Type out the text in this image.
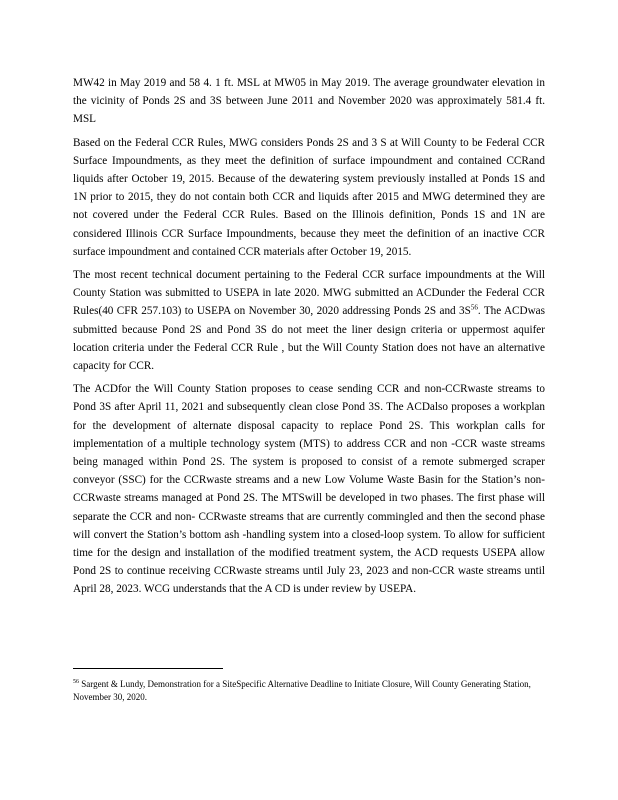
MW42 in May 2019 and 58 4. 1 ft. MSL at MW05 in May 2019. The average groundwater elevation in the vicinity of Ponds 2S and 3S between June 2011 and November 2020 was approximately 581.4 ft. MSL

Based on the Federal CCR Rules, MWG considers Ponds 2S and 3 S at Will County to be Federal CCR Surface Impoundments, as they meet the definition of surface impoundment and contained CCRand liquids after October 19, 2015. Because of the dewatering system previously installed at Ponds 1S and 1N prior to 2015, they do not contain both CCR and liquids after 2015 and MWG determined they are not covered under the Federal CCR Rules. Based on the Illinois definition, Ponds 1S and 1N are considered Illinois CCR Surface Impoundments, because they meet the definition of an inactive CCR surface impoundment and contained CCR materials after October 19, 2015.

The most recent technical document pertaining to the Federal CCR surface impoundments at the Will County Station was submitted to USEPA in late 2020. MWG submitted an ACDunder the Federal CCR Rules(40 CFR 257.103) to USEPA on November 30, 2020 addressing Ponds 2S and $3S^{56}$. The ACDwas submitted because Pond 2S and Pond 3S do not meet the liner design criteria or uppermost aquifer location criteria under the Federal CCR Rule , but the Will County Station does not have an alternative capacity for CCR.

The ACDfor the Will County Station proposes to cease sending CCR and non-CCRwaste streams to Pond 3S after April 11, 2021 and subsequently clean close Pond 3S. The ACDalso proposes a workplan for the development of alternate disposal capacity to replace Pond 2S. This workplan calls for implementation of a multiple technology system (MTS) to address CCR and non -CCR waste streams being managed within Pond 2S. The system is proposed to consist of a remote submerged scraper conveyor (SSC) for the CCRwaste streams and a new Low Volume Waste Basin for the Station’s non-CCRwaste streams managed at Pond 2S. The MTSwill be developed in two phases. The first phase will separate the CCR and non- CCRwaste streams that are currently commingled and then the second phase will convert the Station’s bottom ash -handling system into a closed-loop system. To allow for sufficient time for the design and installation of the modified treatment system, the ACD requests USEPA allow Pond 2S to continue receiving CCRwaste streams until July 23, 2023 and non-CCR waste streams until April 28, 2023. WCG understands that the A CD is under review by USEPA.

$^{56}$ Sargent & Lundy, Demonstration for a SiteSpecific Alternative Deadline to Initiate Closure, Will County Generating Station, November 30, 2020.
